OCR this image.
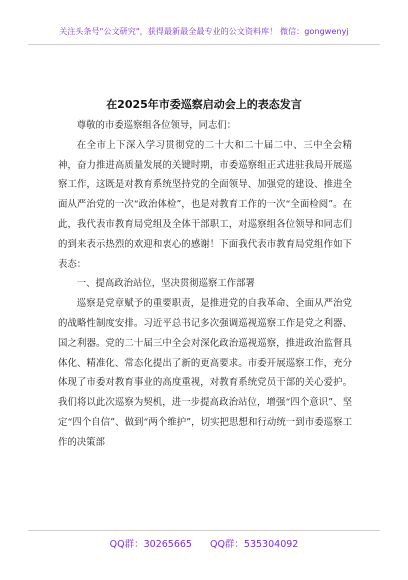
关注头条号"公文研究"，获得最新最全最专业的公文资料库！ 微信：gongwenyj
在2025年市委巡察启动会上的表态发言

尊敬的市委巡察组各位领导，同志们：

在全市上下深入学习贯彻党的二十大和二十届二中、三中全会精神，奋力推进高质量发展的关键时期，市委巡察组正式进驻我局开展巡察工作，这既是对教育系统坚持党的全面领导、加强党的建设、推进全面从严治党的一次“政治体检”，也是对教育工作的一次“全面检阅”。在此，我代表市教育局党组及全体干部职工，对巡察组各位领导和同志们的到来表示热烈的欢迎和衷心的感谢！下面我代表市教育局党组作如下表态：

一、提高政治站位，坚决贯彻巡察工作部署

巡察是党章赋予的重要职责，是推进党的自我革命、全面从严治党的战略性制度安排。习近平总书记多次强调巡视巡察工作是党之利器、国之利器。党的二十届三中全会对深化政治巡视巡察，推进政治监督具体化、精准化、常态化提出了新的更高要求。市委开展巡察工作，充分体现了市委对教育事业的高度重视，对教育系统党员干部的关心爱护。我们将以此次巡察为契机，进一步提高政治站位，增强“四个意识”、坚定“四个自信”、做到“两个维护”，切实把思想和行动统一到市委巡察工作的决策部

QQ群：30265665 QQ群：535304092
